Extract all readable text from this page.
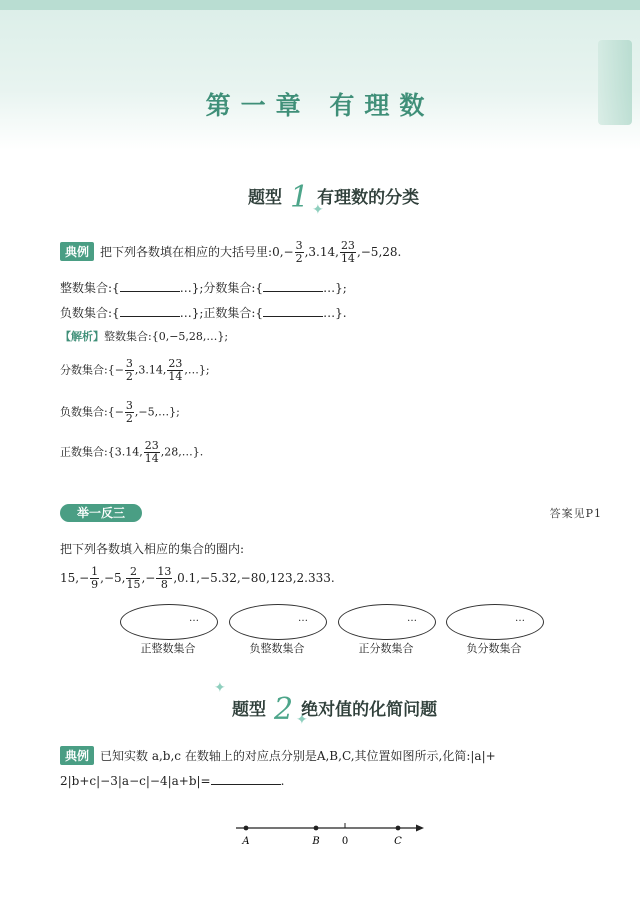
第一章 有理数
题型 1 有理数的分类
✦
典例 把下列各数填在相应的大括号里:0,− $\frac{3}{2} ,3.14$, $\frac{23}{14} ,-5,28$.
整数集合:{	…};分数集合:{	…};
负数集合:{	…};正数集合:{	…}.
【解析】整数集合:{0,−5,28,…};
分数集合:{− $\frac{3}{2} ,3.14$, $\frac{23}{14}$ ,…};
负数集合:{− $\frac{3}{2}$ ,−5,…};
正数集合:{3.14, $\frac{23}{14}$ ,28,…}.
举一反三	答案见P1
把下列各数填入相应的集合的圈内:
$15,- \frac{1}{9} ,-5$, $\frac{2}{15}$ ,− $\frac{13}{8} ,0.1,-5.32,-80,123,2.333$.
…	…	…	…
正整数集合	负整数集合	正分数集合	负分数集合
✦
题型 2 绝对值的化简问题
✦
典例 已知实数 a,b,c 在数轴上的对应点分别是A,B,C,其位置如图所示,化简:|a|+
2|b+c|−3|a−c|−4|a+b|=	.
A	B 0	C
